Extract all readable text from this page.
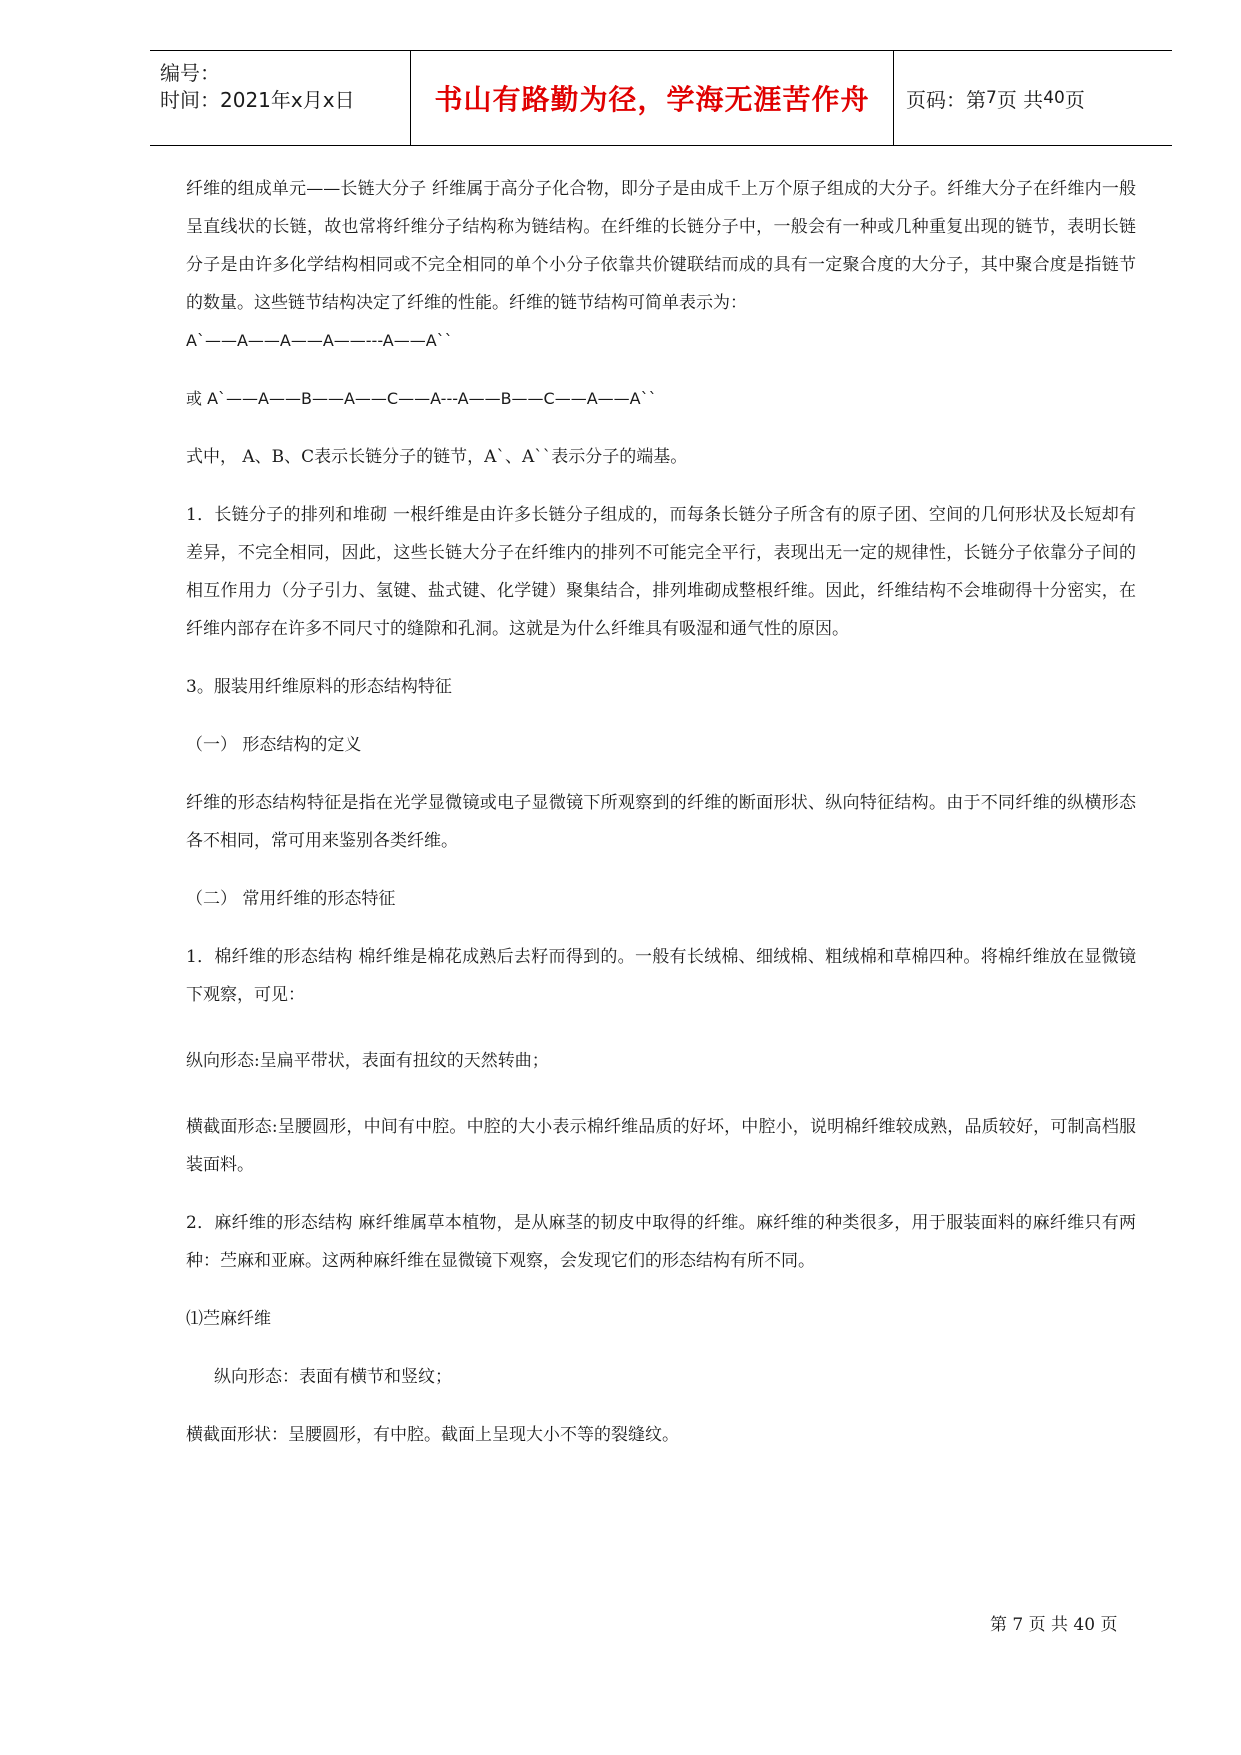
编号：
时间：2021年x月x日	书山有路勤为径，学海无涯苦作舟 页码：第 7 页 共 40 页

纤维的组成单元——长链大分子 纤维属于高分子化合物，即分子是由成千上万个原子组成的大分子。纤维大分子在纤维内一般呈直线状的长链，故也常将纤维分子结构称为链结构。在纤维的长链分子中，一般会有一种或几种重复出现的链节，表明长链分子是由许多化学结构相同或不完全相同的单个小分子依靠共价键联结而成的具有一定聚合度的大分子，其中聚合度是指链节的数量。这些链节结构决定了纤维的性能。纤维的链节结构可简单表示为：

A`——A——A——A——---A——A``

或 A`——A——B——A——C——A---A——B——C——A——A``

式中， A、B、C表示长链分子的链节，A`、A``表示分子的端基。

1．长链分子的排列和堆砌 一根纤维是由许多长链分子组成的，而每条长链分子所含有的原子团、空间的几何形状及长短却有差异，不完全相同，因此，这些长链大分子在纤维内的排列不可能完全平行，表现出无一定的规律性，长链分子依靠分子间的相互作用力（分子引力、氢键、盐式键、化学键）聚集结合，排列堆砌成整根纤维。因此，纤维结构不会堆砌得十分密实，在纤维内部存在许多不同尺寸的缝隙和孔洞。这就是为什么纤维具有吸湿和通气性的原因。

3。服装用纤维原料的形态结构特征

（一） 形态结构的定义

纤维的形态结构特征是指在光学显微镜或电子显微镜下所观察到的纤维的断面形状、纵向特征结构。由于不同纤维的纵横形态各不相同，常可用来鉴别各类纤维。

（二） 常用纤维的形态特征

1．棉纤维的形态结构 棉纤维是棉花成熟后去籽而得到的。一般有长绒棉、细绒棉、粗绒棉和草棉四种。将棉纤维放在显微镜下观察，可见：

纵向形态:呈扁平带状，表面有扭纹的天然转曲；

横截面形态:呈腰圆形，中间有中腔。中腔的大小表示棉纤维品质的好坏，中腔小，说明棉纤维较成熟，品质较好，可制高档服装面料。

2．麻纤维的形态结构 麻纤维属草本植物，是从麻茎的韧皮中取得的纤维。麻纤维的种类很多，用于服装面料的麻纤维只有两种：苎麻和亚麻。这两种麻纤维在显微镜下观察，会发现它们的形态结构有所不同。

⑴苎麻纤维

纵向形态：表面有横节和竖纹；

横截面形状：呈腰圆形，有中腔。截面上呈现大小不等的裂缝纹。

第 7 页 共 40 页
